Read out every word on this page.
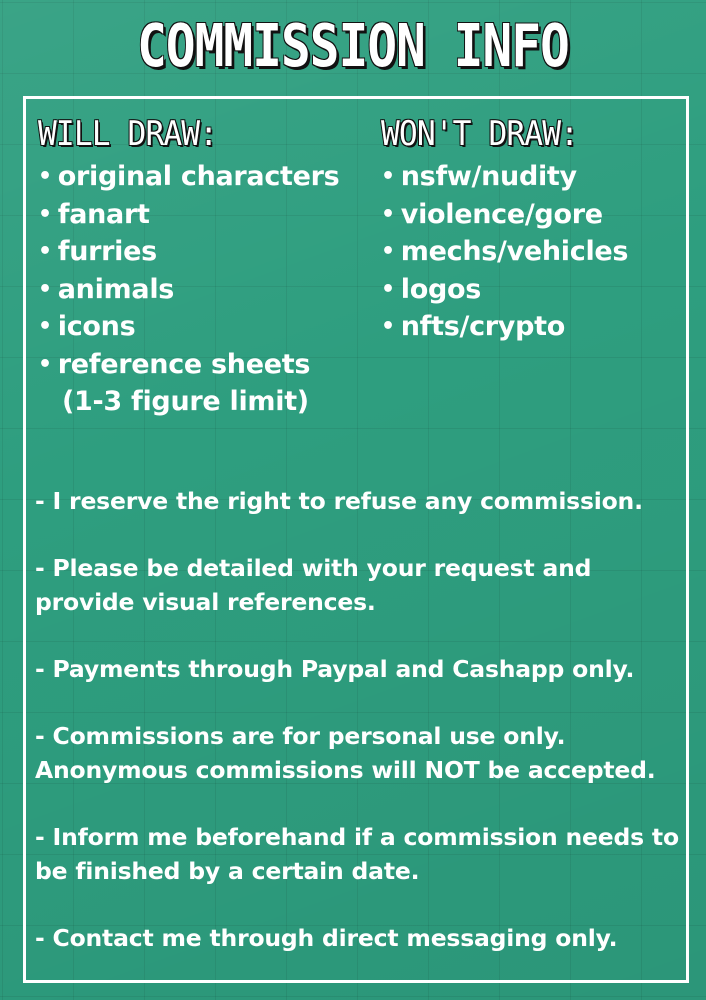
COMMISSION INFO
WILL DRAW:
• original characters
• fanart
• furries
• animals
• icons
• reference sheets
(1-3 figure limit)
WON'T DRAW:
• nsfw/nudity
• violence/gore
• mechs/vehicles
• logos
• nfts/crypto

- I reserve the right to refuse any commission.

- Please be detailed with your request and provide visual references.

- Payments through Paypal and Cashapp only.

- Commissions are for personal use only. Anonymous commissions will NOT be accepted.

- Inform me beforehand if a commission needs to be finished by a certain date.

- Contact me through direct messaging only.
